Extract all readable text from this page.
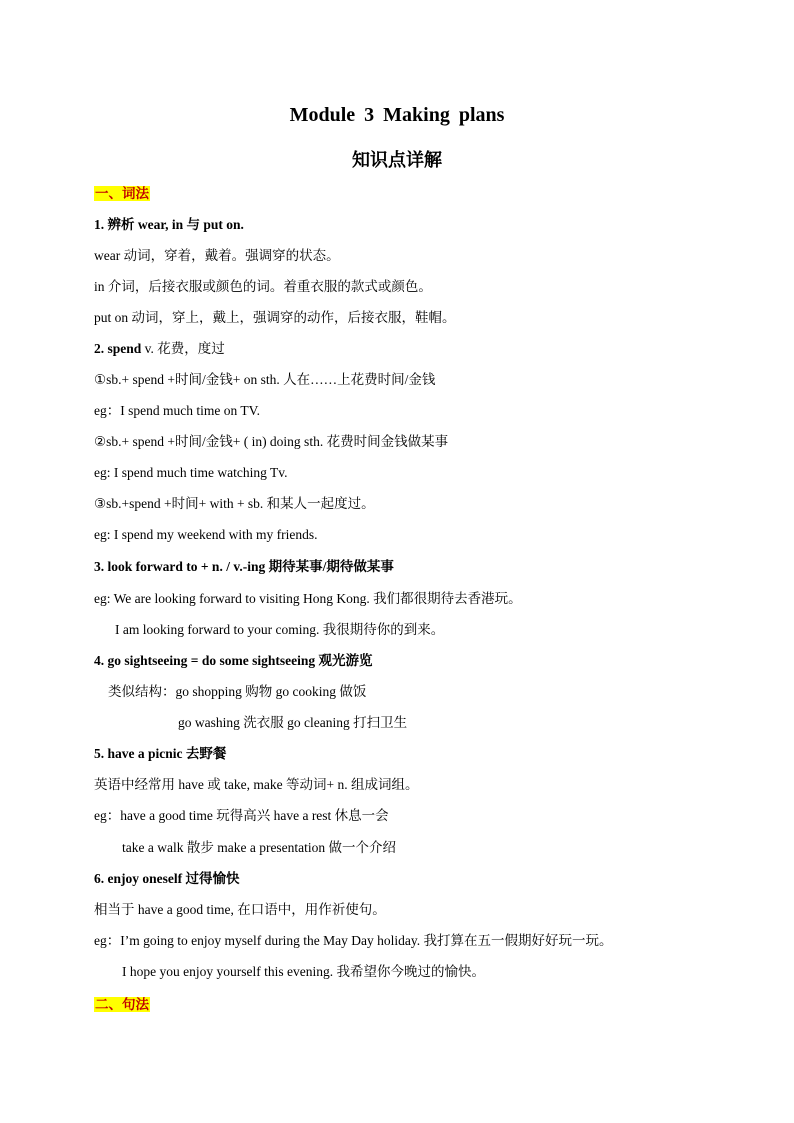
Module 3 Making plans
知识点详解
一、词法
1. 辨析 wear, in 与 put on.
wear 动词，穿着，戴着。强调穿的状态。
in 介词，后接衣服或颜色的词。着重衣服的款式或颜色。
put on 动词，穿上，戴上，强调穿的动作，后接衣服，鞋帽。
2. spend v. 花费，度过
①sb.+ spend +时间/金钱+ on sth. 人在……上花费时间/金钱
eg：I spend much time on TV.
②sb.+ spend +时间/金钱+ ( in) doing sth. 花费时间金钱做某事
eg: I spend much time watching Tv.
③sb.+spend +时间+ with + sb. 和某人一起度过。
eg: I spend my weekend with my friends.
3. look forward to + n. / v.-ing 期待某事/期待做某事
eg: We are looking forward to visiting Hong Kong. 我们都很期待去香港玩。
I am looking forward to your coming. 我很期待你的到来。
4. go sightseeing = do some sightseeing 观光游览
类似结构：go shopping 购物 go cooking 做饭
go washing 洗衣服 go cleaning 打扫卫生
5. have a picnic 去野餐
英语中经常用 have 或 take, make 等动词+ n. 组成词组。
eg：have a good time 玩得高兴 have a rest 休息一会
take a walk 散步 make a presentation 做一个介绍
6. enjoy oneself 过得愉快
相当于 have a good time, 在口语中，用作祈使句。
eg：I’m going to enjoy myself during the May Day holiday. 我打算在五一假期好好玩一玩。
I hope you enjoy yourself this evening. 我希望你今晚过的愉快。
二、句法
